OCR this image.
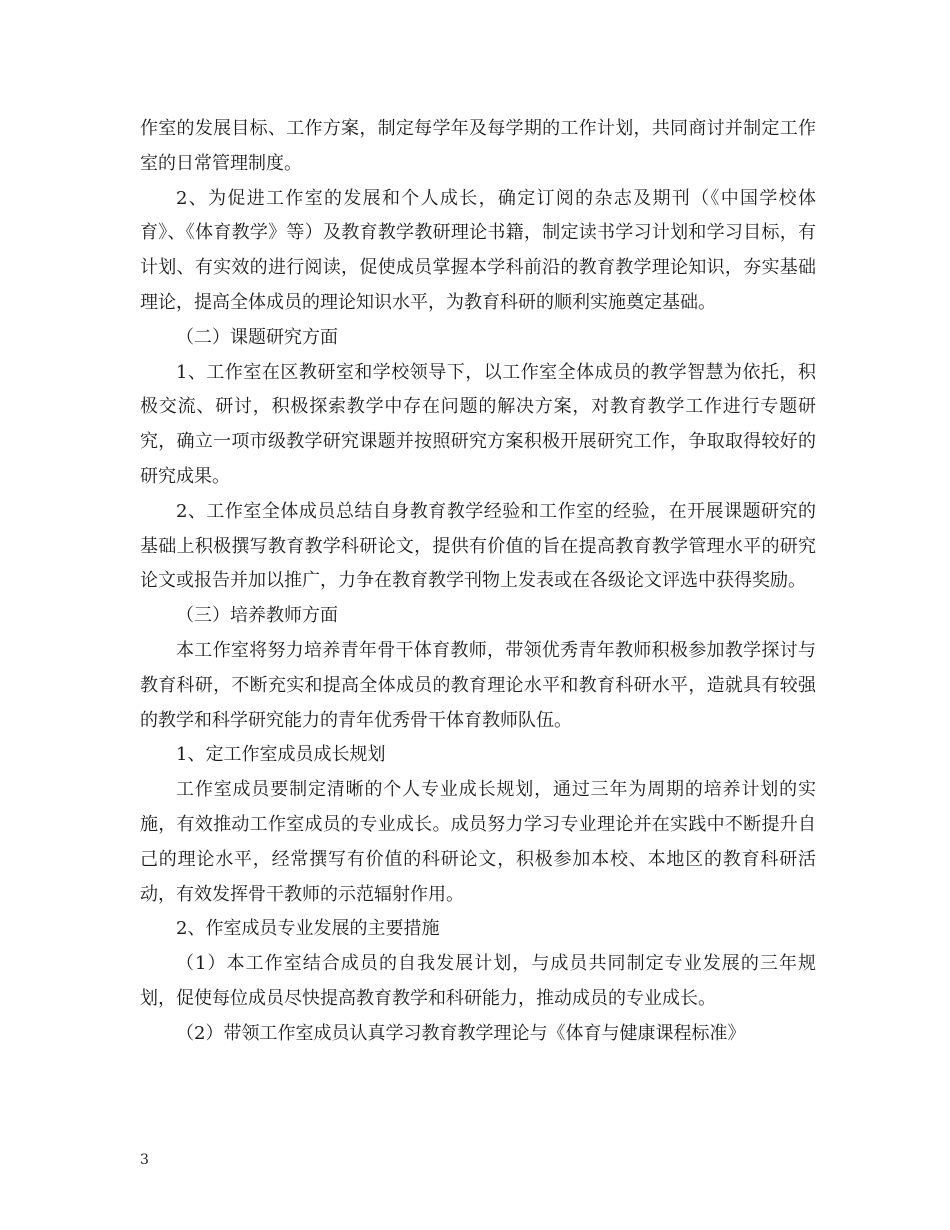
作室的发展目标、工作方案，制定每学年及每学期的工作计划，共同商讨并制定工作室的日常管理制度。

2、为促进工作室的发展和个人成长，确定订阅的杂志及期刊（《中国学校体育》、《体育教学》等）及教育教学教研理论书籍，制定读书学习计划和学习目标，有计划、有实效的进行阅读，促使成员掌握本学科前沿的教育教学理论知识，夯实基础理论，提高全体成员的理论知识水平，为教育科研的顺利实施奠定基础。

（二）课题研究方面

1、工作室在区教研室和学校领导下，以工作室全体成员的教学智慧为依托，积极交流、研讨，积极探索教学中存在问题的解决方案，对教育教学工作进行专题研究，确立一项市级教学研究课题并按照研究方案积极开展研究工作，争取取得较好的研究成果。

2、工作室全体成员总结自身教育教学经验和工作室的经验，在开展课题研究的基础上积极撰写教育教学科研论文，提供有价值的旨在提高教育教学管理水平的研究论文或报告并加以推广，力争在教育教学刊物上发表或在各级论文评选中获得奖励。

（三）培养教师方面

本工作室将努力培养青年骨干体育教师，带领优秀青年教师积极参加教学探讨与教育科研，不断充实和提高全体成员的教育理论水平和教育科研水平，造就具有较强的教学和科学研究能力的青年优秀骨干体育教师队伍。

1、定工作室成员成长规划

工作室成员要制定清晰的个人专业成长规划，通过三年为周期的培养计划的实施，有效推动工作室成员的专业成长。成员努力学习专业理论并在实践中不断提升自己的理论水平，经常撰写有价值的科研论文，积极参加本校、本地区的教育科研活动，有效发挥骨干教师的示范辐射作用。

2、作室成员专业发展的主要措施

（1）本工作室结合成员的自我发展计划，与成员共同制定专业发展的三年规划，促使每位成员尽快提高教育教学和科研能力，推动成员的专业成长。

（2）带领工作室成员认真学习教育教学理论与《体育与健康课程标准》

3
